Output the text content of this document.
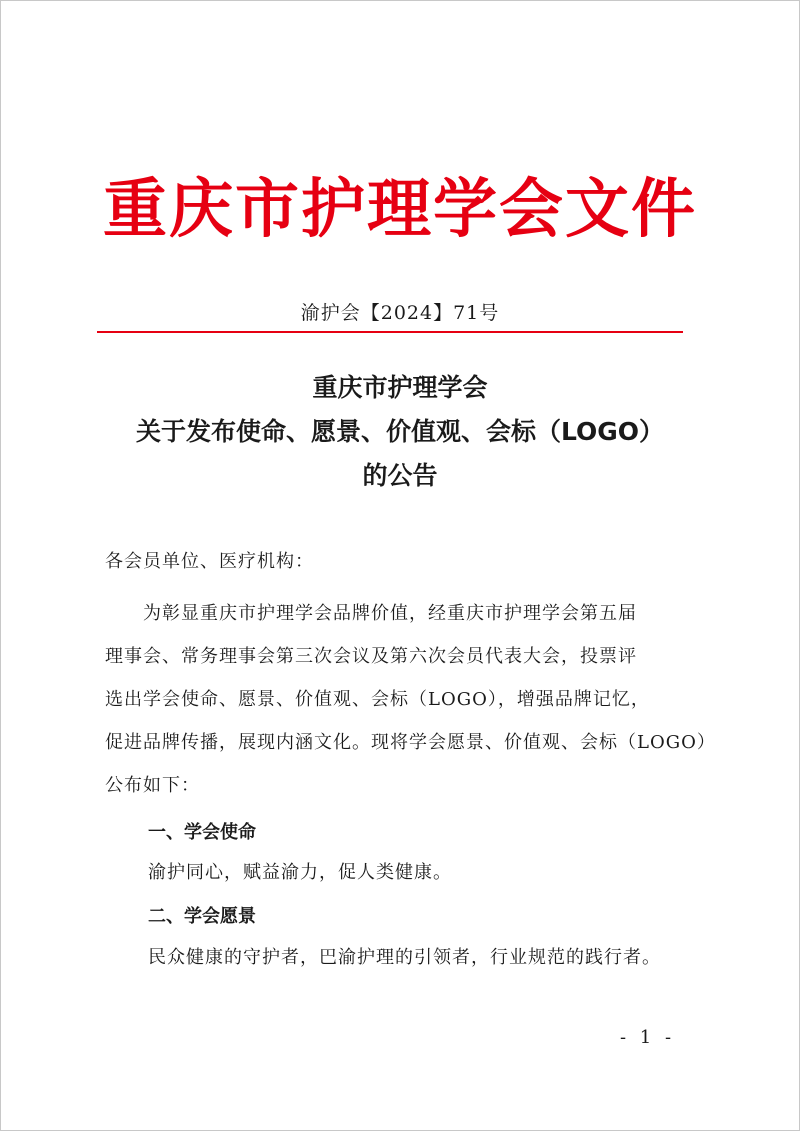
重庆市护理学会文件
渝护会【2024】71号
重庆市护理学会
关于发布使命、愿景、价值观、会标（LOGO）
的公告
各会员单位、医疗机构：
　　为彰显重庆市护理学会品牌价值，经重庆市护理学会第五届
理事会、常务理事会第三次会议及第六次会员代表大会，投票评
选出学会使命、愿景、价值观、会标（LOGO），增强品牌记忆，
促进品牌传播，展现内涵文化。现将学会愿景、价值观、会标（LOGO）
公布如下：
一、学会使命
渝护同心，赋益渝力，促人类健康。
二、学会愿景
民众健康的守护者，巴渝护理的引领者，行业规范的践行者。
- 1 -
